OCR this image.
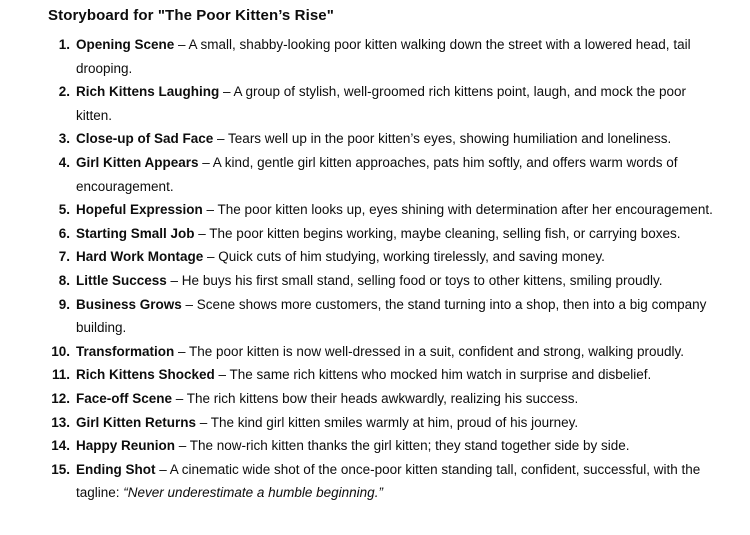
Storyboard for "The Poor Kitten’s Rise"
1. Opening Scene – A small, shabby-looking poor kitten walking down the street with a lowered head, tail drooping.
2. Rich Kittens Laughing – A group of stylish, well-groomed rich kittens point, laugh, and mock the poor kitten.
3. Close-up of Sad Face – Tears well up in the poor kitten’s eyes, showing humiliation and loneliness.
4. Girl Kitten Appears – A kind, gentle girl kitten approaches, pats him softly, and offers warm words of encouragement.
5. Hopeful Expression – The poor kitten looks up, eyes shining with determination after her encouragement.
6. Starting Small Job – The poor kitten begins working, maybe cleaning, selling fish, or carrying boxes.
7. Hard Work Montage – Quick cuts of him studying, working tirelessly, and saving money.
8. Little Success – He buys his first small stand, selling food or toys to other kittens, smiling proudly.
9. Business Grows – Scene shows more customers, the stand turning into a shop, then into a big company building.
10. Transformation – The poor kitten is now well-dressed in a suit, confident and strong, walking proudly.
11. Rich Kittens Shocked – The same rich kittens who mocked him watch in surprise and disbelief.
12. Face-off Scene – The rich kittens bow their heads awkwardly, realizing his success.
13. Girl Kitten Returns – The kind girl kitten smiles warmly at him, proud of his journey.
14. Happy Reunion – The now-rich kitten thanks the girl kitten; they stand together side by side.
15. Ending Shot – A cinematic wide shot of the once-poor kitten standing tall, confident, successful, with the tagline: “Never underestimate a humble beginning.”
